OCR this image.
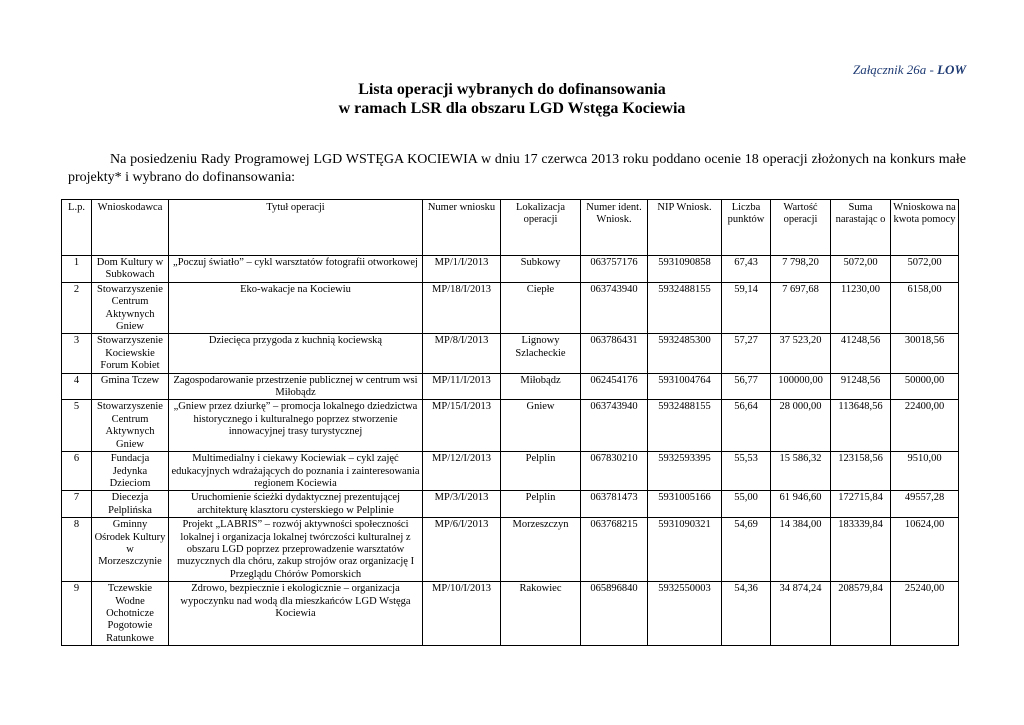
Załącznik 26a - LOW
Lista operacji wybranych do dofinansowania
w ramach LSR dla obszaru LGD Wstęga Kociewia

Na posiedzeniu Rady Programowej LGD WSTĘGA KOCIEWIA w dniu 17 czerwca 2013 roku poddano ocenie 18 operacji złożonych na konkurs małe projekty* i wybrano do dofinansowania:

L.p.	Wnioskodawca	Tytuł operacji	Numer wniosku	Lokalizacja operacji	Numer ident. Wniosk.	NIP Wniosk.	Liczba punktów	Wartość operacji	Suma narastając o	Wnioskowa na kwota pomocy
1	Dom Kultury w Subkowach	„Poczuj światło” – cykl warsztatów fotografii otworkowej	MP/1/I/2013	Subkowy	063757176	5931090858	67,43	7 798,20	5072,00	5072,00
2	Stowarzyszenie Centrum Aktywnych Gniew	Eko-wakacje na Kociewiu	MP/18/I/2013	Ciepłe	063743940	5932488155	59,14	7 697,68	11230,00	6158,00
3	Stowarzyszenie Kociewskie Forum Kobiet	Dziecięca przygoda z kuchnią kociewską	MP/8/I/2013	Lignowy Szlacheckie	063786431	5932485300	57,27	37 523,20	41248,56	30018,56
4	Gmina Tczew	Zagospodarowanie przestrzenie publicznej w centrum wsi Miłobądz	MP/11/I/2013	Miłobądz	062454176	5931004764	56,77	100000,00	91248,56	50000,00
5	Stowarzyszenie Centrum Aktywnych Gniew	„Gniew przez dziurkę” – promocja lokalnego dziedzictwa historycznego i kulturalnego poprzez stworzenie innowacyjnej trasy turystycznej	MP/15/I/2013	Gniew	063743940	5932488155	56,64	28 000,00	113648,56	22400,00
6	Fundacja Jedynka Dzieciom	Multimedialny i ciekawy Kociewiak – cykl zajęć edukacyjnych wdrażających do poznania i zainteresowania regionem Kociewia	MP/12/I/2013	Pelplin	067830210	5932593395	55,53	15 586,32	123158,56	9510,00
7	Diecezja Pelplińska	Uruchomienie ścieżki dydaktycznej prezentującej architekturę klasztoru cysterskiego w Pelplinie	MP/3/I/2013	Pelplin	063781473	5931005166	55,00	61 946,60	172715,84	49557,28
8	Gminny Ośrodek Kultury w Morzeszczynie	Projekt „LABRIS” – rozwój aktywności społeczności lokalnej i organizacja lokalnej twórczości kulturalnej z obszaru LGD poprzez przeprowadzenie warsztatów muzycznych dla chóru, zakup strojów oraz organizację I Przeglądu Chórów Pomorskich	MP/6/I/2013	Morzeszczyn	063768215	5931090321	54,69	14 384,00	183339,84	10624,00
9	Tczewskie Wodne Ochotnicze Pogotowie Ratunkowe	Zdrowo, bezpiecznie i ekologicznie – organizacja wypoczynku nad wodą dla mieszkańców LGD Wstęga Kociewia	MP/10/I/2013	Rakowiec	065896840	5932550003	54,36	34 874,24	208579,84	25240,00
